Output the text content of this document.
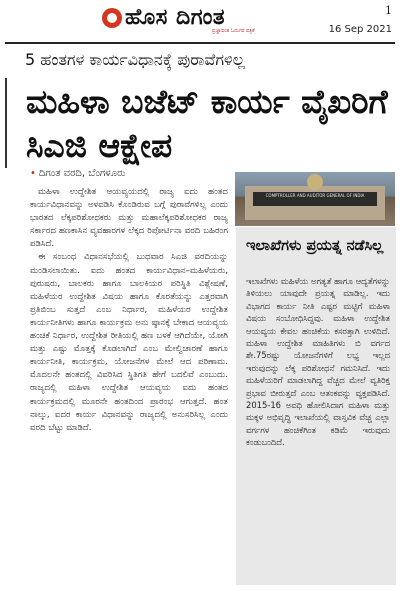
ಹೊಸ ದಿಗಂತ
ಪ್ರಜ್ಞಾವಂತ ಓದುಗರ ಪತ್ರಿಕೆ
1
16 Sep 2021
5 ಹಂತಗಳ ಕಾರ್ಯವಿಧಾನಕ್ಕೆ ಪುರಾವೆಗಳಿಲ್ಲ
ಮಹಿಳಾ ಬಜೆಟ್ ಕಾರ್ಯ ವೈಖರಿಗೆ ಸಿಎಜಿ ಆಕ್ಷೇಪ
• ದಿಗಂತ ವರದಿ, ಬೆಂಗಳೂರು

ಮಹಿಳಾ ಉದ್ದೇಶಿತ ಆಯವ್ಯಯದಲ್ಲಿ ರಾಜ್ಯ ಐದು ಹಂತದ ಕಾರ್ಯವಿಧಾನವನ್ನು ಅಳವಡಿಸಿ ಕೊಂಡಿರುವ ಬಗ್ಗೆ ಪುರಾವೆಗಳಿಲ್ಲ ಎಂದು ಭಾರತದ ಲೆಕ್ಕಪರಿಶೋಧಕರು ಮತ್ತು ಮಹಾಲೆಕ್ಕಪರಿಶೋಧಕರ ರಾಜ್ಯ ಸರ್ಕಾರದ ಹಣಕಾಸಿನ ವ್ಯವಹಾರಗಳ ಲೆಕ್ಕದ ರಿಪೋರ್ಟಿನಾ ವರದಿ ಬಹಿರಂಗ ಪಡಿಸಿದೆ.

ಈ ಸಂಬಂಧ ವಿಧಾನಸಭೆಯಲ್ಲಿ ಬುಧವಾರ ಸಿಎಜಿ ವರದಿಯನ್ನು ಮಂಡಿಸಲಾಯಿತು. ಐದು ಹಂತದ ಕಾರ್ಯವಿಧಾನ–ಮಹಿಳೆಯರು, ಪುರುಷರು, ಬಾಲಕರು ಹಾಗೂ ಬಾಲಕಿಯರ ಪರಿಸ್ಥಿತಿ ವಿಶ್ಲೇಷಣೆ, ಮಹಿಳೆಯರ ಉದ್ದೇಶಿತ ವಿಷಯ ಹಾಗೂ ಕೊರತೆಯನ್ನು ಎತ್ತರವಾಗಿ ಪ್ರತಿಬಿಂಬ ಸುತ್ತದೆ ಎಂಬ ನಿರ್ಧಾರ, ಮಹಿಳೆಯರ ಉದ್ದೇಶಿತ ಕಾರ್ಯನೀತಿಗಳು ಹಾಗೂ ಕಾರ್ಯಕ್ರಮ ಅನು ಷ್ಠಾನಕ್ಕೆ ಬೇಕಾದ ಆಯವ್ಯಯ ಹಂಚಿಕೆ ನಿರ್ಧಾರ, ಉದ್ದೇಶಿತ ರೀತಿಯಲ್ಲಿ ಹಣ ಬಳಕೆ ಆಗಿದೆಯೇ, ಯೋಗಿ ಮತ್ತು ಎಷ್ಟು ಮೊತ್ತಕ್ಕೆ ಕೊಡಲಾಗಿದೆ ಎಂಬ ಮೇಲ್ವಿಚಾರಣೆ ಹಾಗೂ ಕಾರ್ಯನೀತಿ, ಕಾರ್ಯಕ್ರಮ, ಯೋಜನೆಗಳ ಮೇಲೆ ಆದ ಪರಿಣಾಮ. ಮೊದಲನೇ ಹಂತದಲ್ಲಿ ವಿವರಿಸಿದ ಸ್ಥಿತಿಗತಿ ಹೇಗೆ ಬದಲಿವೆ ಎಂಬುದು. ರಾಜ್ಯದಲ್ಲಿ ಮಹಿಳಾ ಉದ್ದೇಶಿತ ಆಯವ್ಯಯ ಐದು ಹಂತದ ಕಾರ್ಯಕ್ರಮದಲ್ಲಿ ಮೂರನೇ ಹಂತದಿಂದ ಪ್ರಾರಂಭ ಆಗುತ್ತದೆ. ಹಂತ ನಾಲ್ಕು, ಐದರ ಕಾರ್ಯ ವಿಧಾನವನ್ನು ರಾಜ್ಯದಲ್ಲಿ ಅನುಸರಿಸಿಲ್ಲ ಎಂದು ವರದಿ ಬೆಟ್ಟು ಮಾಡಿದೆ.

COMPTROLLER AND AUDITOR GENERAL OF INDIA
ಇಲಾಖೆಗಳು ಪ್ರಯತ್ನ ನಡೆಸಿಲ್ಲ
ಇಲಾಖೆಗಳು ಮಹಿಳೆಯ ಅಗತ್ಯತೆ ಹಾಗೂ ಆದ್ಯತೆಗಳನ್ನು ತಿಳಿಯಲು ಯಾವುದೇ ಪ್ರಯತ್ನ ಮಾಡಿಲ್ಲ. ಇದು ವಿಭಾಗದ ಕಾರ್ಯ ನೀತಿ ಎಷ್ಟರ ಮಟ್ಟಿಗೆ ಮಹಿಳಾ ವಿಷಯ ಸಂಬೋಧಿಸಿದ್ದವು. ಮಹಿಳಾ ಉದ್ದೇಶಿತ ಆಯವ್ಯಯ ಕೇವಲ ಹಂಚಿಕೆಯ ಕಸರತ್ತಾಗಿ ಉಳಿದಿದೆ. ಮಹಿಳಾ ಉದ್ದೇಶಿತ ಮಾಹಿತಿಗಳು ಬಿ ವರ್ಗದ ಶೇ.75ರಷ್ಟು ಯೋಜನೆಗಳಿಗೆ ಲಭ್ಯ ಇಲ್ಲದ ಇರುವುದನ್ನು ಲೆಕ್ಕ ಪರಿಶೋಧನೆ ಗಮನಿಸಿದೆ. ಇದು ಮಹಿಳೆಯರಿಗೆ ಮಾಡಲಾಗಿದ್ದ ವೆಚ್ಚದ ಮೇಲೆ ವ್ಯತಿರಿಕ್ತ ಪ್ರಭಾವ ಬೀರುತ್ತದೆ ಎಂಬ ಆತಂಕವನ್ನು ವ್ಯಕ್ತಪಡಿಸಿದೆ. 2015-16 ಅವಧಿ ಹೋಲಿಸಿದಾಗ ಮಹಿಳಾ ಮತ್ತು ಮಕ್ಕಳ ಅಭಿವೃದ್ಧಿ ಇಲಾಖೆಯಲ್ಲಿ ವಾಸ್ತವಿಕ ವೆಚ್ಚ ಎಲ್ಲಾ ವರ್ಗಗಳ ಹಂಚಿಕೆಗಿಂತ ಕಡಿಮೆ ಇರುವುದು ಕಂಡುಬಂದಿದೆ.
